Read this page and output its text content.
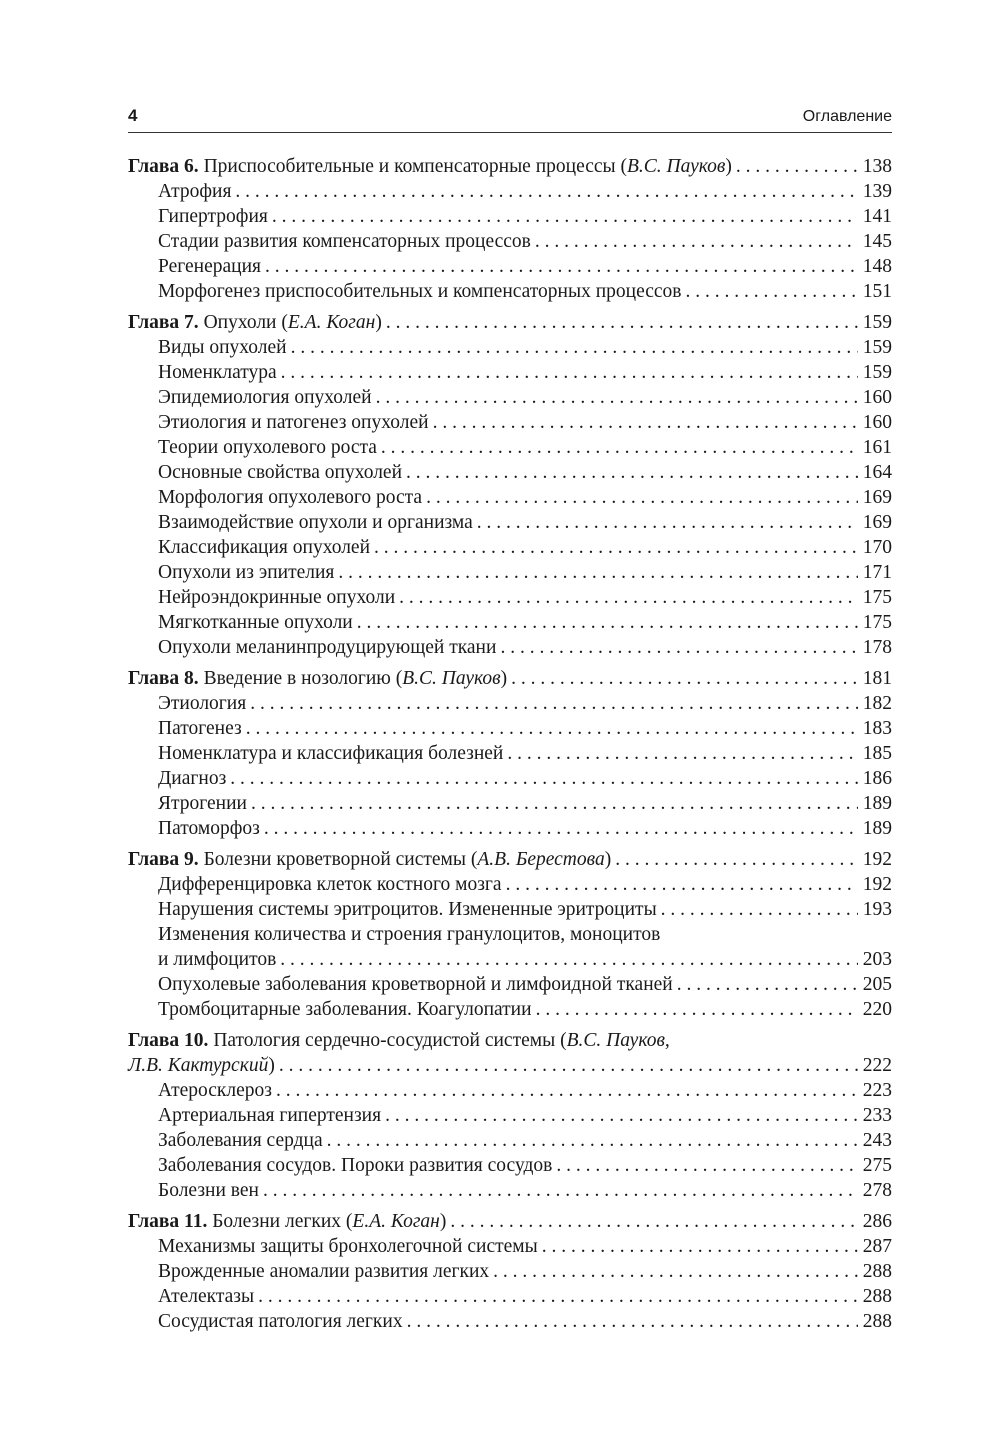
4	Оглавление
Глава 6. Приспособительные и компенсаторные процессы (В.С. Пауков) . . .	138
Атрофия . . .	139
Гипертрофия . . .	141
Стадии развития компенсаторных процессов . . .	145
Регенерация . . .	148
Морфогенез приспособительных и компенсаторных процессов . . .	151
Глава 7. Опухоли (Е.А. Коган) . . .	159
Виды опухолей . . .	159
Номенклатура . . .	159
Эпидемиология опухолей . . .	160
Этиология и патогенез опухолей . . .	160
Теории опухолевого роста . . .	161
Основные свойства опухолей . . .	164
Морфология опухолевого роста . . .	169
Взаимодействие опухоли и организма . . .	169
Классификация опухолей . . .	170
Опухоли из эпителия . . .	171
Нейроэндокринные опухоли . . .	175
Мягкотканные опухоли . . .	175
Опухоли меланинпродуцирующей ткани . . .	178
Глава 8. Введение в нозологию (В.С. Пауков) . . .	181
Этиология . . .	182
Патогенез . . .	183
Номенклатура и классификация болезней . . .	185
Диагноз . . .	186
Ятрогении . . .	189
Патоморфоз . . .	189
Глава 9. Болезни кроветворной системы (А.В. Берестова) . . .	192
Дифференцировка клеток костного мозга . . .	192
Нарушения системы эритроцитов. Измененные эритроциты . . .	193
Изменения количества и строения гранулоцитов, моноцитов
и лимфоцитов . . .	203
Опухолевые заболевания кроветворной и лимфоидной тканей . . .	205
Тромбоцитарные заболевания. Коагулопатии . . .	220
Глава 10. Патология сердечно-сосудистой системы (В.С. Пауков,
Л.В. Кактурский) . . .	222
Атеросклероз . . .	223
Артериальная гипертензия . . .	233
Заболевания сердца . . .	243
Заболевания сосудов. Пороки развития сосудов . . .	275
Болезни вен . . .	278
Глава 11. Болезни легких (Е.А. Коган) . . .	286
Механизмы защиты бронхолегочной системы . . .	287
Врожденные аномалии развития легких . . .	288
Ателектазы . . .	288
Сосудистая патология легких . . .	288
